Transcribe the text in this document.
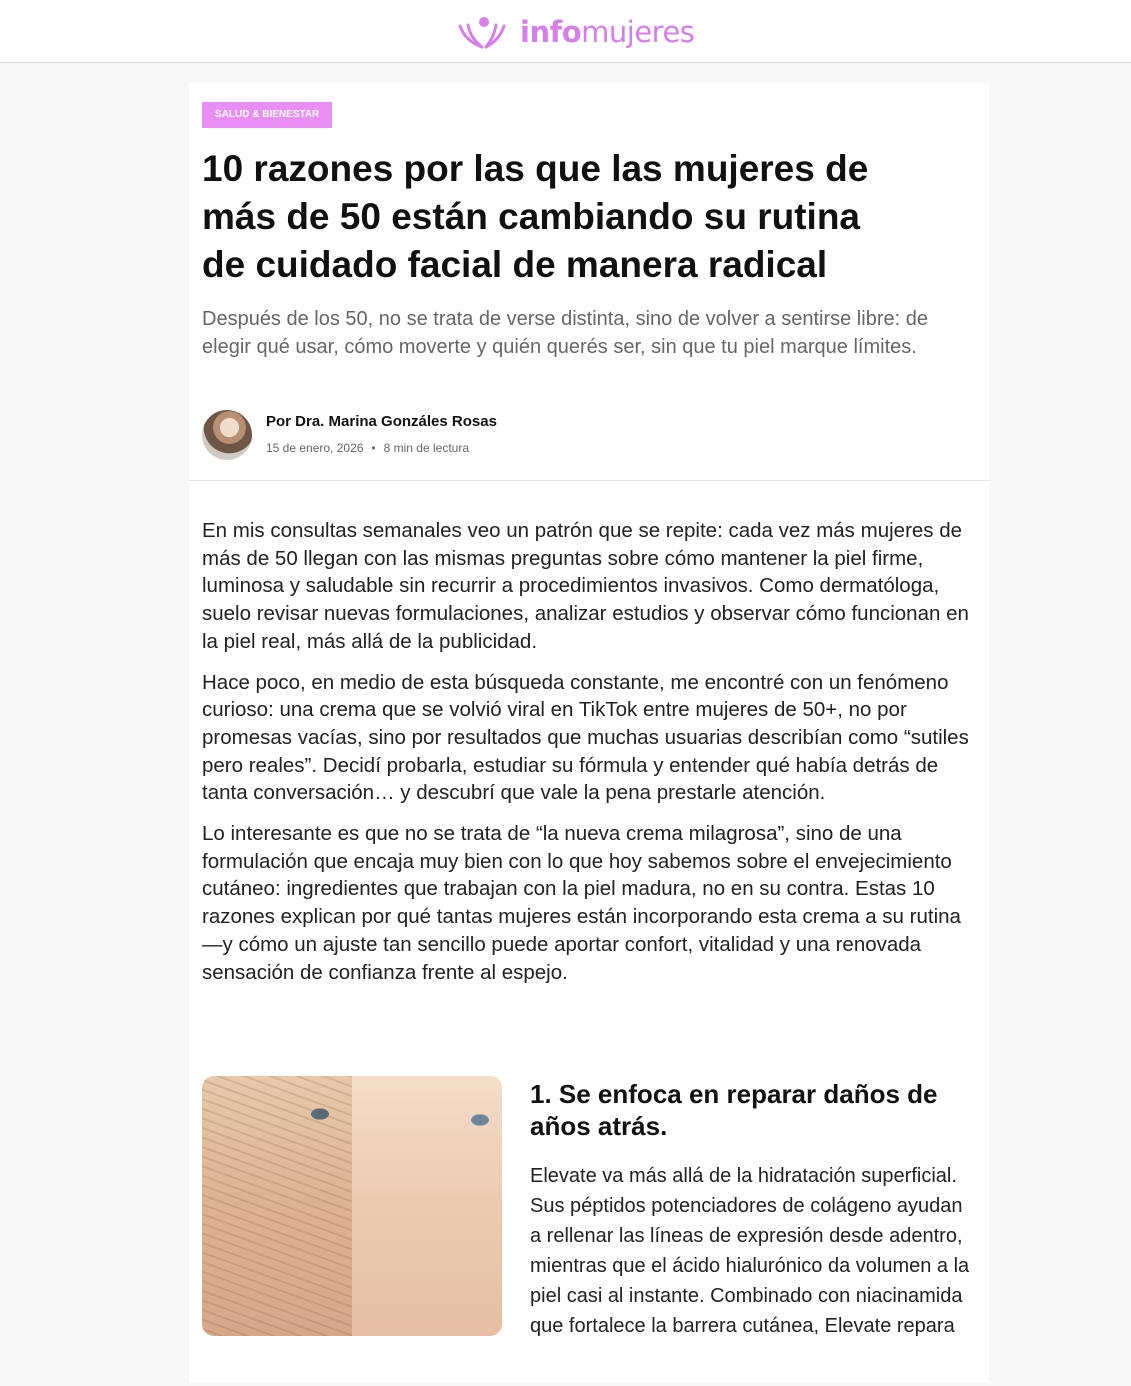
infomujeres
SALUD & BIENESTAR
10 razones por las que las mujeres de más de 50 están cambiando su rutina de cuidado facial de manera radical

Después de los 50, no se trata de verse distinta, sino de volver a sentirse libre: de elegir qué usar, cómo moverte y quién querés ser, sin que tu piel marque límites.

Por Dra. Marina Gonzáles Rosas
15 de enero, 2026 • 8 min de lectura

En mis consultas semanales veo un patrón que se repite: cada vez más mujeres de más de 50 llegan con las mismas preguntas sobre cómo mantener la piel firme, luminosa y saludable sin recurrir a procedimientos invasivos. Como dermatóloga, suelo revisar nuevas formulaciones, analizar estudios y observar cómo funcionan en la piel real, más allá de la publicidad.

Hace poco, en medio de esta búsqueda constante, me encontré con un fenómeno curioso: una crema que se volvió viral en TikTok entre mujeres de 50+, no por promesas vacías, sino por resultados que muchas usuarias describían como “sutiles pero reales”. Decidí probarla, estudiar su fórmula y entender qué había detrás de tanta conversación… y descubrí que vale la pena prestarle atención.

Lo interesante es que no se trata de “la nueva crema milagrosa”, sino de una formulación que encaja muy bien con lo que hoy sabemos sobre el envejecimiento cutáneo: ingredientes que trabajan con la piel madura, no en su contra. Estas 10 razones explican por qué tantas mujeres están incorporando esta crema a su rutina —y cómo un ajuste tan sencillo puede aportar confort, vitalidad y una renovada sensación de confianza frente al espejo.

1. Se enfoca en reparar daños de años atrás.

Elevate va más allá de la hidratación superficial. Sus péptidos potenciadores de colágeno ayudan a rellenar las líneas de expresión desde adentro, mientras que el ácido hialurónico da volumen a la piel casi al instante. Combinado con niacinamida que fortalece la barrera cutánea, Elevate repara
